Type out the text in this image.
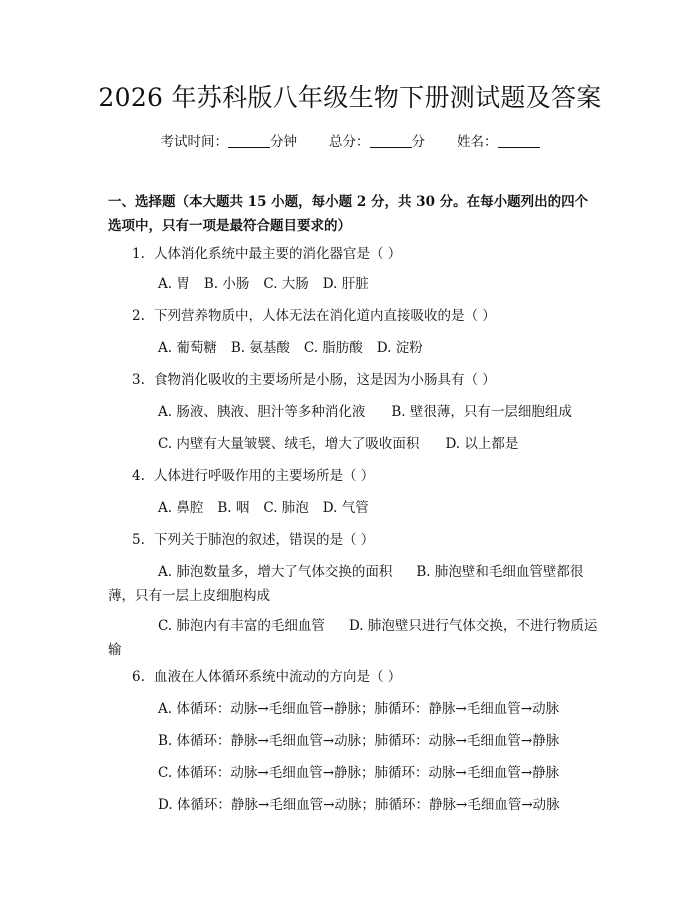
2026 年苏科版八年级生物下册测试题及答案
考试时间：	分钟 总分：	分 姓名：
一、选择题（本大题共 15 小题，每小题 2 分，共 30 分。在每小题列出的四个选项中，只有一项是最符合题目要求的）
1. 人体消化系统中最主要的消化器官是（ ）
A. 胃 B. 小肠 C. 大肠 D. 肝脏
2. 下列营养物质中，人体无法在消化道内直接吸收的是（ ）
A. 葡萄糖 B. 氨基酸 C. 脂肪酸 D. 淀粉
3. 食物消化吸收的主要场所是小肠，这是因为小肠具有（ ）
A. 肠液、胰液、胆汁等多种消化液 B. 壁很薄，只有一层细胞组成
C. 内壁有大量皱襞、绒毛，增大了吸收面积 D. 以上都是
4. 人体进行呼吸作用的主要场所是（ ）
A. 鼻腔 B. 咽 C. 肺泡 D. 气管
5. 下列关于肺泡的叙述，错误的是（ ）
A. 肺泡数量多，增大了气体交换的面积 B. 肺泡壁和毛细血管壁都很薄，只有一层上皮细胞构成
C. 肺泡内有丰富的毛细血管 D. 肺泡壁只进行气体交换，不进行物质运输
6. 血液在人体循环系统中流动的方向是（ ）
A. 体循环：动脉→毛细血管→静脉；肺循环：静脉→毛细血管→动脉
B. 体循环：静脉→毛细血管→动脉；肺循环：动脉→毛细血管→静脉
C. 体循环：动脉→毛细血管→静脉；肺循环：动脉→毛细血管→静脉
D. 体循环：静脉→毛细血管→动脉；肺循环：静脉→毛细血管→动脉
